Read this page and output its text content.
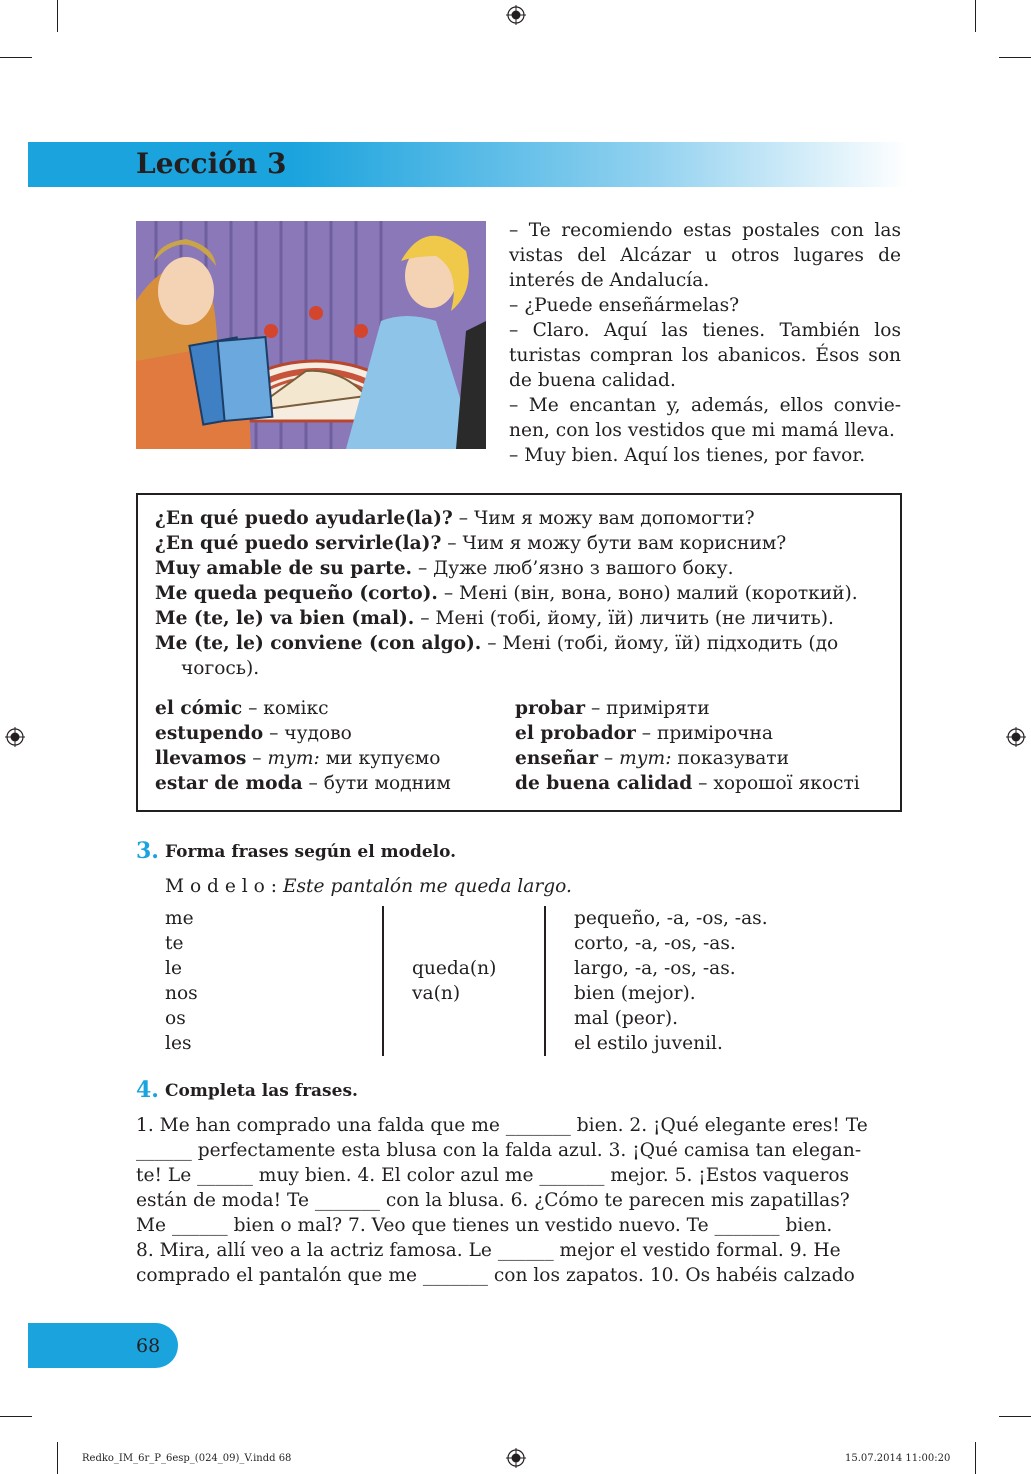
Lección 3

– Te recomiendo estas postales con las vistas del Alcázar u otros lugares de interés de Andalucía.

– ¿Puede enseñármelas?

– Claro. Aquí las tienes. También los turistas compran los abanicos. Ésos son de buena calidad.

– Me encantan y, además, ellos convie-nen, con los vestidos que mi mamá lleva.

– Muy bien. Aquí los tienes, por favor.

¿En qué puedo ayudarle(la)? – Чим я можу вам допомогти?

¿En qué puedo servirle(la)? – Чим я можу бути вам корисним?

Muy amable de su parte. – Дуже люб’язно з вашого боку.

Me queda pequeño (corto). – Мені (він, вона, воно) малий (короткий).

Me (te, le) va bien (mal). – Мені (тобі, йому, їй) личить (не личить).

Me (te, le) conviene (con algo). – Мені (тобі, йому, їй) підходить (до

чогось).

el cómic – комікс

estupendo – чудово

llevamos – тут: ми купуємо

estar de moda – бути модним

probar – приміряти

el probador – примірочна

enseñar – тут: показувати

de buena calidad – хорошої якості

3. Forma frases según el modelo.
M o d e l o : Este pantalón me queda largo.

me

te

le

nos

os

les

queda(n)

va(n)

pequeño, -a, -os, -as.

corto, -a, -os, -as.

largo, -a, -os, -as.

bien (mejor).

mal (peor).

el estilo juvenil.

4. Completa las frases.

1. Me han comprado una falda que me _______ bien. 2. ¡Qué elegante eres! Te

______ perfectamente esta blusa con la falda azul. 3. ¡Qué camisa tan elegan-

te! Le ______ muy bien. 4. El color azul me _______ mejor. 5. ¡Estos vaqueros

están de moda! Te _______ con la blusa. 6. ¿Cómo te parecen mis zapatillas?

Me ______ bien o mal? 7. Veo que tienes un vestido nuevo. Te _______ bien.

8. Mira, allí veo a la actriz famosa. Le ______ mejor el vestido formal. 9. He

comprado el pantalón que me _______ con los zapatos. 10. Os habéis calzado

68
Redko_IM_6r_P_6esp_(024_09)_V.indd 68	15.07.2014 11:00:20
